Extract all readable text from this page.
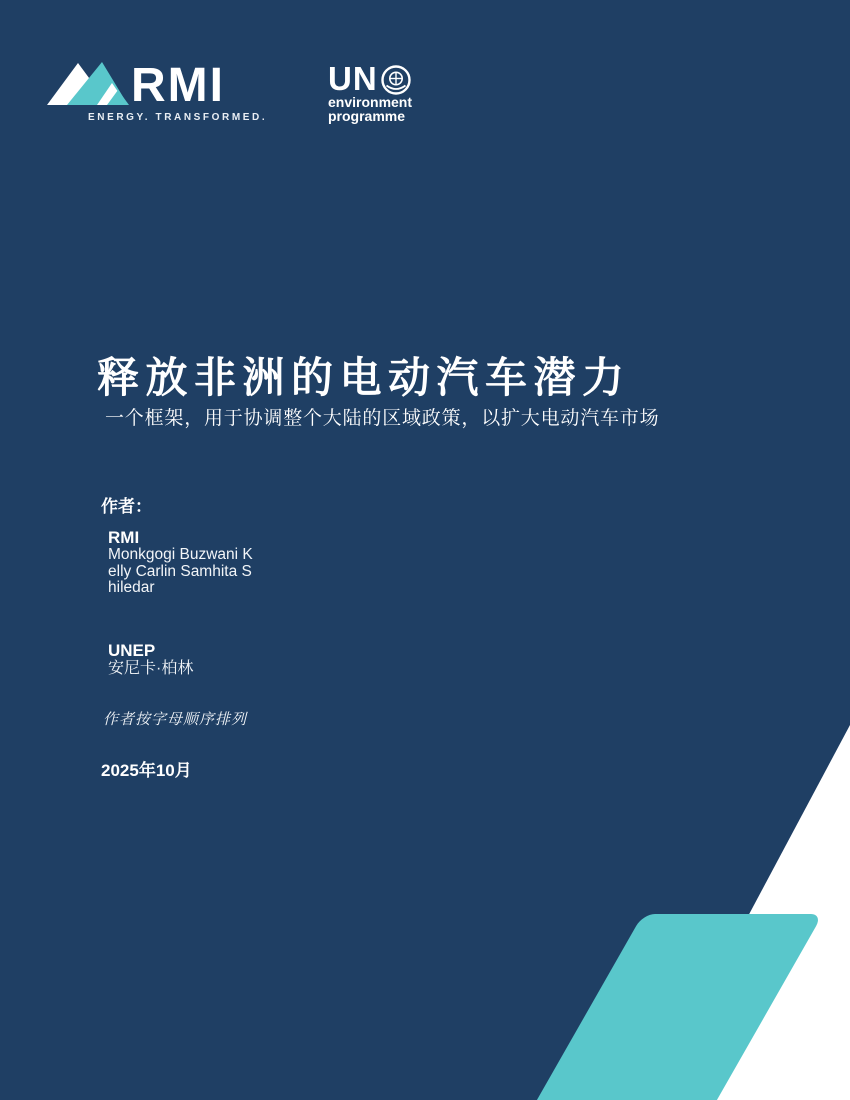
RMI
ENERGY. TRANSFORMED.
UN
environment
programme
释放非洲的电动汽车潜力

一个框架，用于协调整个大陆的区域政策，以扩大电动汽车市场

作者：
RMI
Monkgogi Buzwani K
elly Carlin Samhita S
hiledar
UNEP
安尼卡·柏林
作者按字母顺序排列
2025年10月
